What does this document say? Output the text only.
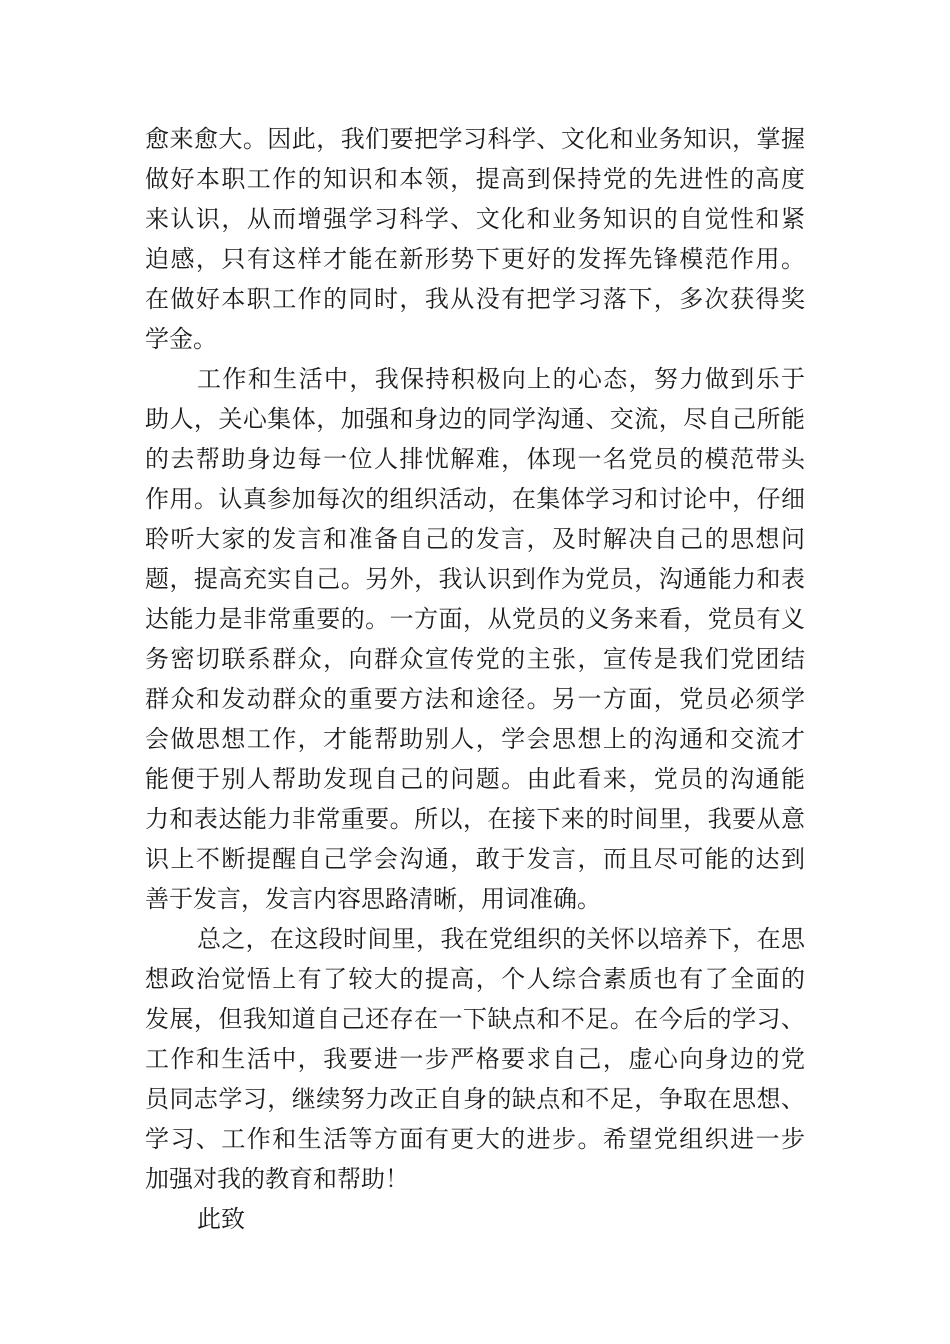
愈来愈大。因此，我们要把学习科学、文化和业务知识，掌握
做好本职工作的知识和本领，提高到保持党的先进性的高度
来认识，从而增强学习科学、文化和业务知识的自觉性和紧
迫感，只有这样才能在新形势下更好的发挥先锋模范作用。
在做好本职工作的同时，我从没有把学习落下，多次获得奖
学金。
工作和生活中，我保持积极向上的心态，努力做到乐于
助人，关心集体，加强和身边的同学沟通、交流，尽自己所能
的去帮助身边每一位人排忧解难，体现一名党员的模范带头
作用。认真参加每次的组织活动，在集体学习和讨论中，仔细
聆听大家的发言和准备自己的发言，及时解决自己的思想问
题，提高充实自己。另外，我认识到作为党员，沟通能力和表
达能力是非常重要的。一方面，从党员的义务来看，党员有义
务密切联系群众，向群众宣传党的主张，宣传是我们党团结
群众和发动群众的重要方法和途径。另一方面，党员必须学
会做思想工作，才能帮助别人，学会思想上的沟通和交流才
能便于别人帮助发现自己的问题。由此看来，党员的沟通能
力和表达能力非常重要。所以，在接下来的时间里，我要从意
识上不断提醒自己学会沟通，敢于发言，而且尽可能的达到
善于发言，发言内容思路清晰，用词准确。
总之，在这段时间里，我在党组织的关怀以培养下，在思
想政治觉悟上有了较大的提高，个人综合素质也有了全面的
发展，但我知道自己还存在一下缺点和不足。在今后的学习、
工作和生活中，我要进一步严格要求自己，虚心向身边的党
员同志学习，继续努力改正自身的缺点和不足，争取在思想、
学习、工作和生活等方面有更大的进步。希望党组织进一步
加强对我的教育和帮助！
此致
